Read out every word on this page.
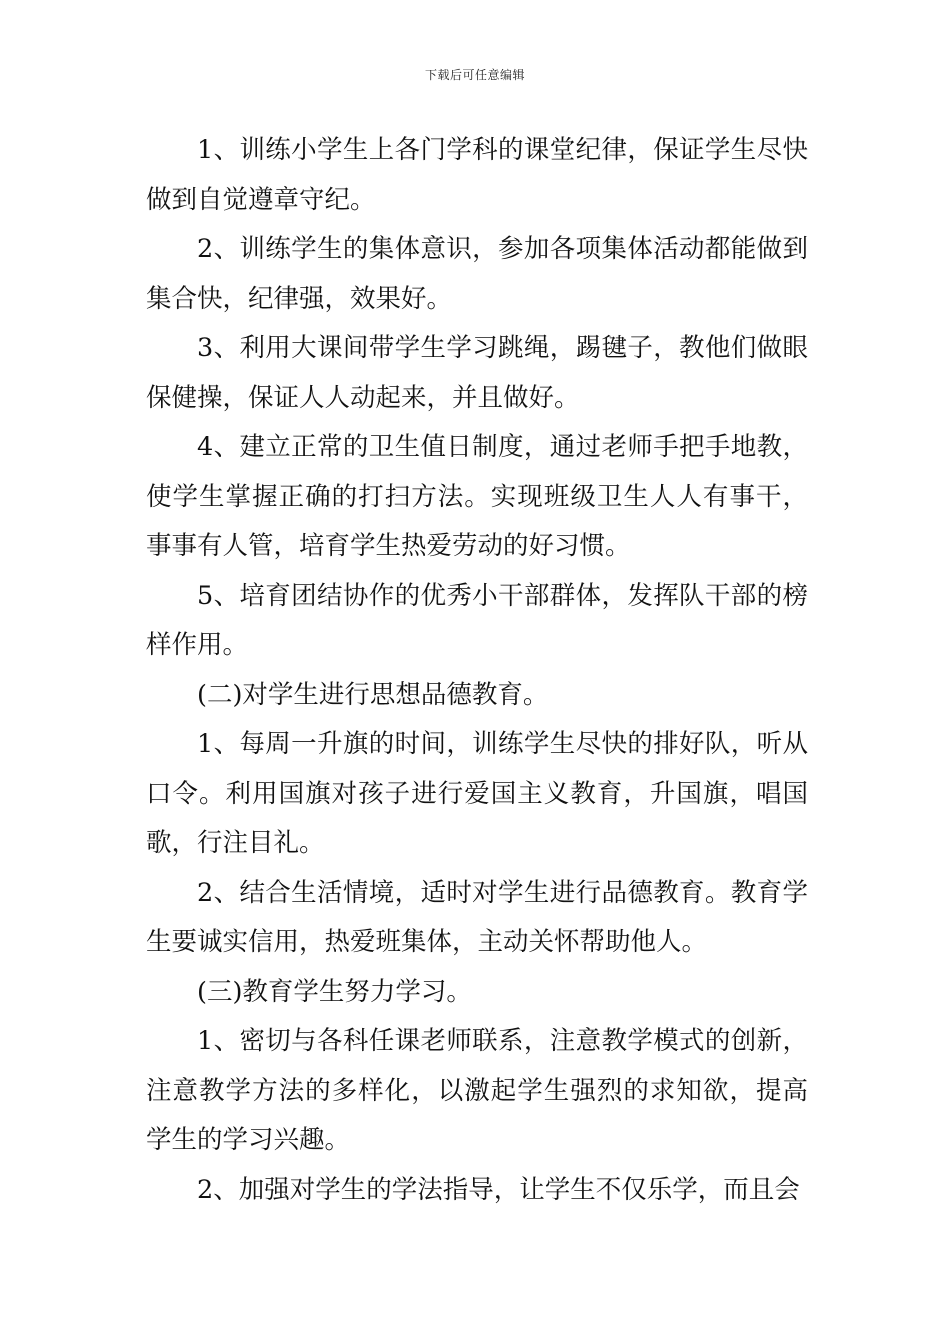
下载后可任意编辑

1、训练小学生上各门学科的课堂纪律，保证学生尽快做到自觉遵章守纪。

2、训练学生的集体意识，参加各项集体活动都能做到集合快，纪律强，效果好。

3、利用大课间带学生学习跳绳，踢毽子，教他们做眼保健操，保证人人动起来，并且做好。

4、建立正常的卫生值日制度，通过老师手把手地教，使学生掌握正确的打扫方法。实现班级卫生人人有事干，事事有人管，培育学生热爱劳动的好习惯。

5、培育团结协作的优秀小干部群体，发挥队干部的榜样作用。

(二)对学生进行思想品德教育。

1、每周一升旗的时间，训练学生尽快的排好队，听从口令。利用国旗对孩子进行爱国主义教育，升国旗，唱国歌，行注目礼。

2、结合生活情境，适时对学生进行品德教育。教育学生要诚实信用，热爱班集体，主动关怀帮助他人。

(三)教育学生努力学习。

1、密切与各科任课老师联系，注意教学模式的创新，注意教学方法的多样化，以激起学生强烈的求知欲，提高学生的学习兴趣。

2、加强对学生的学法指导，让学生不仅乐学，而且会
